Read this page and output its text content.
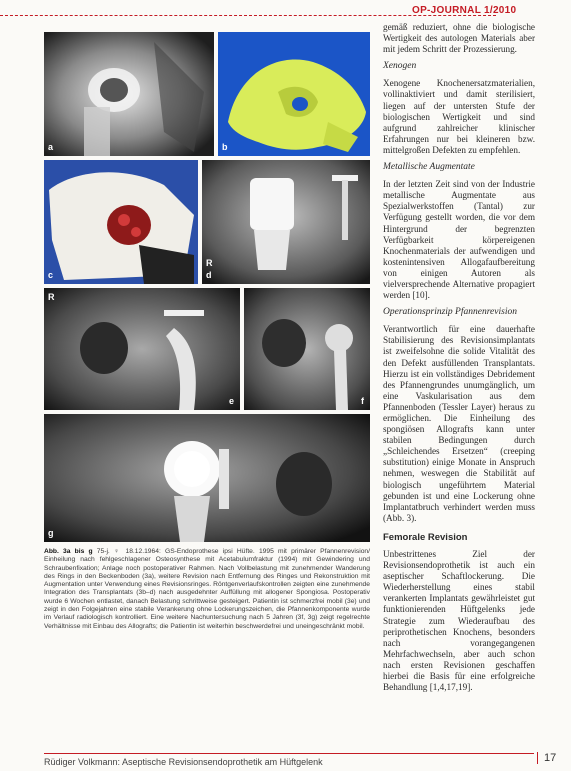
OP-JOURNAL 1/2010
a	b
c
R
d
R
e	f
g

gemäß reduziert, ohne die biologische Wertigkeit des autologen Materials aber mit jedem Schritt der Prozessierung.

Xenogen

Xenogene Knochenersatzmaterialien, vollinaktiviert und damit sterilisiert, liegen auf der untersten Stufe der biologischen Wertigkeit und sind aufgrund zahlreicher klinischer Erfahrungen nur bei kleineren bzw. mittelgroßen Defekten zu empfehlen.

Metallische Augmentate

In der letzten Zeit sind von der Industrie metallische Augmentate aus Spezialwerkstoffen (Tantal) zur Verfügung gestellt worden, die vor dem Hintergrund der begrenzten Verfügbarkeit körpereigenen Knochenmaterials der aufwendigen und kostenintensiven Allogafaufbereitung von einigen Autoren als vielversprechende Alternative propagiert werden [10].

Operationsprinzip Pfannenrevision

Verantwortlich für eine dauerhafte Stabilisierung des Revisionsimplantats ist zweifelsohne die solide Vitalität des den Defekt ausfüllenden Transplantats. Hierzu ist ein vollständiges Debridement des Pfannengrundes unumgänglich, um eine Vaskularisation aus dem Pfannenboden (Tessler Layer) heraus zu ermöglichen. Die Einheilung des spongiösen Allografts kann unter stabilen Bedingungen durch „Schleichendes Ersetzen“ (creeping substitution) einige Monate in Anspruch nehmen, weswegen die Stabilität auf biologisch ungeführtem Material gebunden ist und eine Lockerung ohne Implantatbruch verhindert werden muss (Abb. 3).

Femorale Revision

Unbestrittenes Ziel der Revisionsendoprothetik ist auch ein aseptischer Schaftlockerung. Die Wiederherstellung eines stabil verankerten Implantats gewährleistet gut funktionierenden Hüftgelenks jede Strategie zum Wiederaufbau des periprothetischen Knochens, besonders nach vorangegangenen Mehrfachwechseln, aber auch schon nach ersten Revisionen geschaffen hierbei die Basis für eine erfolgreiche Behandlung [1,4,17,19].

Abb. 3a bis g 75-j. ♀ 18.12.1964: GS-Endoprothese ipsi Hüfte. 1995 mit primärer Pfannenrevision/ Einheilung nach fehlgeschlagener Osteosynthese mit Acetabulumfraktur (1994) mit Gewindering und Schraubenfixation; Anlage noch postoperativer Rahmen. Nach Vollbelastung mit zunehmender Wanderung des Rings in den Beckenboden (3a), weitere Revision nach Entfernung des Ringes und Rekonstruktion mit Augmentation unter Verwendung eines Revisionsringes. Röntgenverlaufskontrollen zeigten eine zunehmende Integration des Transplantats (3b–d) nach ausgedehnter Auffüllung mit allogener Spongiosa. Postoperativ wurde 6 Wochen entlastet, danach Belastung schrittweise gesteigert. Patientin ist schmerzfrei mobil (3e) und zeigt in den Folgejahren eine stabile Verankerung ohne Lockerungszeichen, die Pfannenkomponente wurde im Verlauf radiologisch kontrolliert. Eine weitere Nachuntersuchung nach 5 Jahren (3f, 3g) zeigt regelrechte Verhältnisse mit Einbau des Allografts; die Patientin ist weiterhin beschwerdefrei und uneingeschränkt mobil.
Rüdiger Volkmann: Aseptische Revisionsendoprothetik am Hüftgelenk	17
